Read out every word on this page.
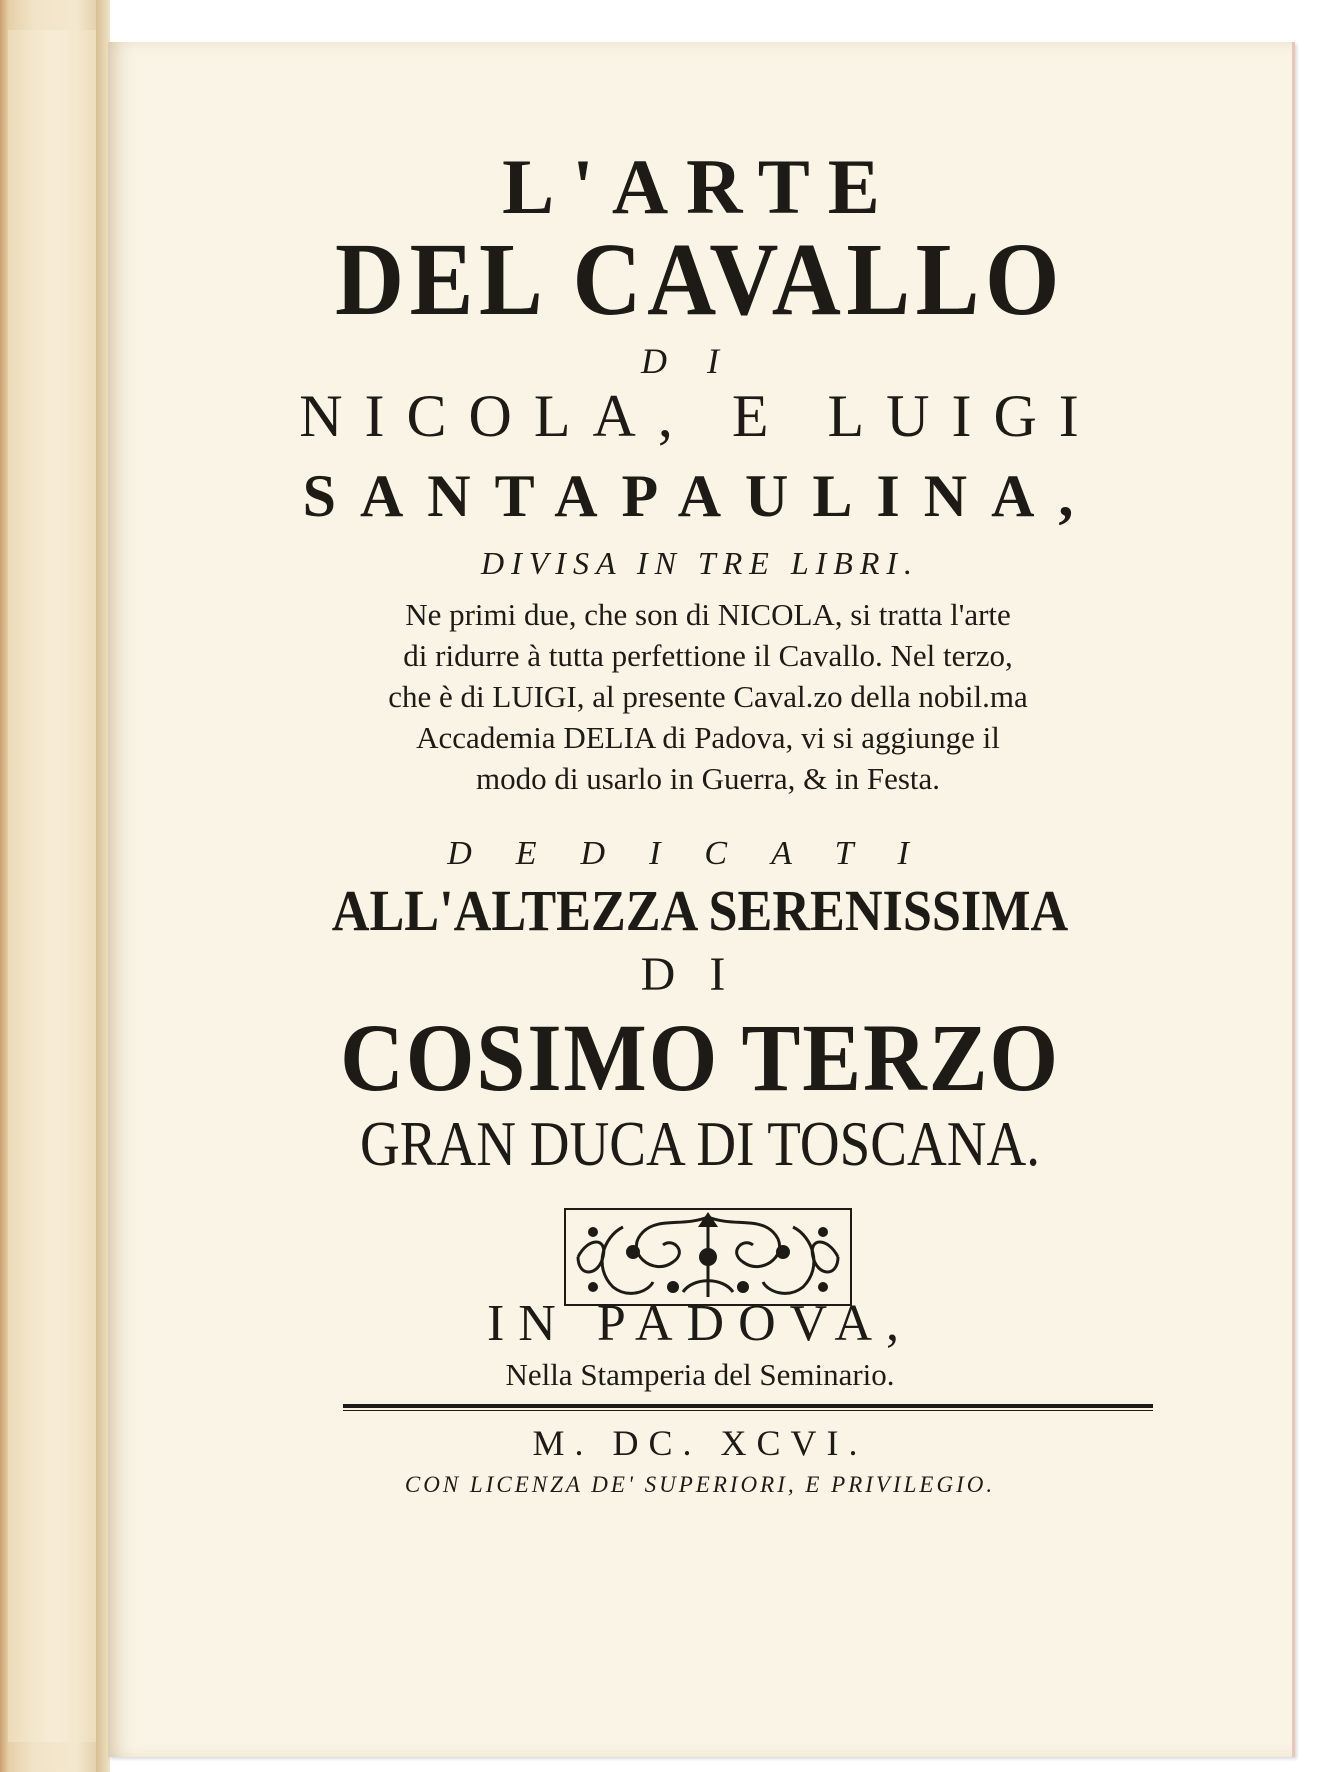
L'ARTE
DEL CAVALLO
DI
NICOLA, E LUIGI
SANTAPAULINA,
DIVISA IN TRE LIBRI.
Ne primi due, che son di NICOLA, si tratta l'arte
di ridurre à tutta perfettione il Cavallo. Nel terzo,
che è di LUIGI, al presente Caval.zo della nobil.ma
Accademia DELIA di Padova, vi si aggiunge il
modo di usarlo in Guerra, & in Festa.
DEDICATI
ALL'ALTEZZA SERENISSIMA
DI
COSIMO TERZO
GRAN DUCA DI TOSCANA.
IN PADOVA,
Nella Stamperia del Seminario.
M. DC. XCVI.
CON LICENZA DE' SUPERIORI, E PRIVILEGIO.
